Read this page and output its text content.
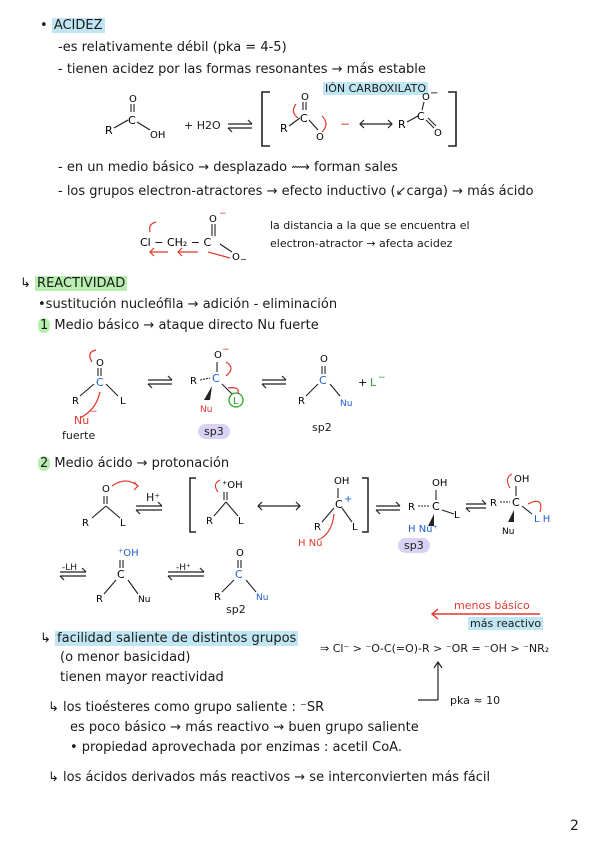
• ACIDEZ
-es relativamente débil (pka = 4-5)
- tienen acidez por las formas resonantes → más estable
IÓN CARBOXILATO
R
C
O
OH
R
C
O
O
−	R
C
O −
O
+ H2O
- en un medio básico → desplazado ⟿ forman sales
- los grupos electron-atractores → efecto inductivo (↙carga) → más ácido
Cl − CH₂ − C
O −
O −
la distancia a la que se encuentra el
electron-atractor → afecta acidez
↳ REACTIVIDAD
•sustitución nucleófila → adición - eliminación
1 Medio básico → ataque directo Nu fuerte
O
C
R	L
Nu
−
O −
C
R
Nu
L
O
C
R	Nu
+ L −
fuerte	sp3	sp2
2 Medio ácido → protonación
O
R	L
⁺OH
R	L
OH
C +
R	L
H Nu
OH
C
R
L
H Nu⁺
OH
C
R
Nu
L H
H⁺
sp3
⁺OH
C
R	Nu
O
C
R	Nu
-LH	-H⁺
sp2	menos básico
más reactivo
↳ facilidad saliente de distintos grupos
(o menor basicidad)
tienen mayor reactividad
⇒ Cl⁻ > ⁻O‑C(=O)‑R > ⁻OR = ⁻OH > ⁻NR₂
pka ≈ 10
↳ los tioésteres como grupo saliente : ⁻SR
es poco básico → más reactivo ⇝ buen grupo saliente
• propiedad aprovechada por enzimas : acetil CoA.
↳ los ácidos derivados más reactivos → se interconvierten más fácil
2
